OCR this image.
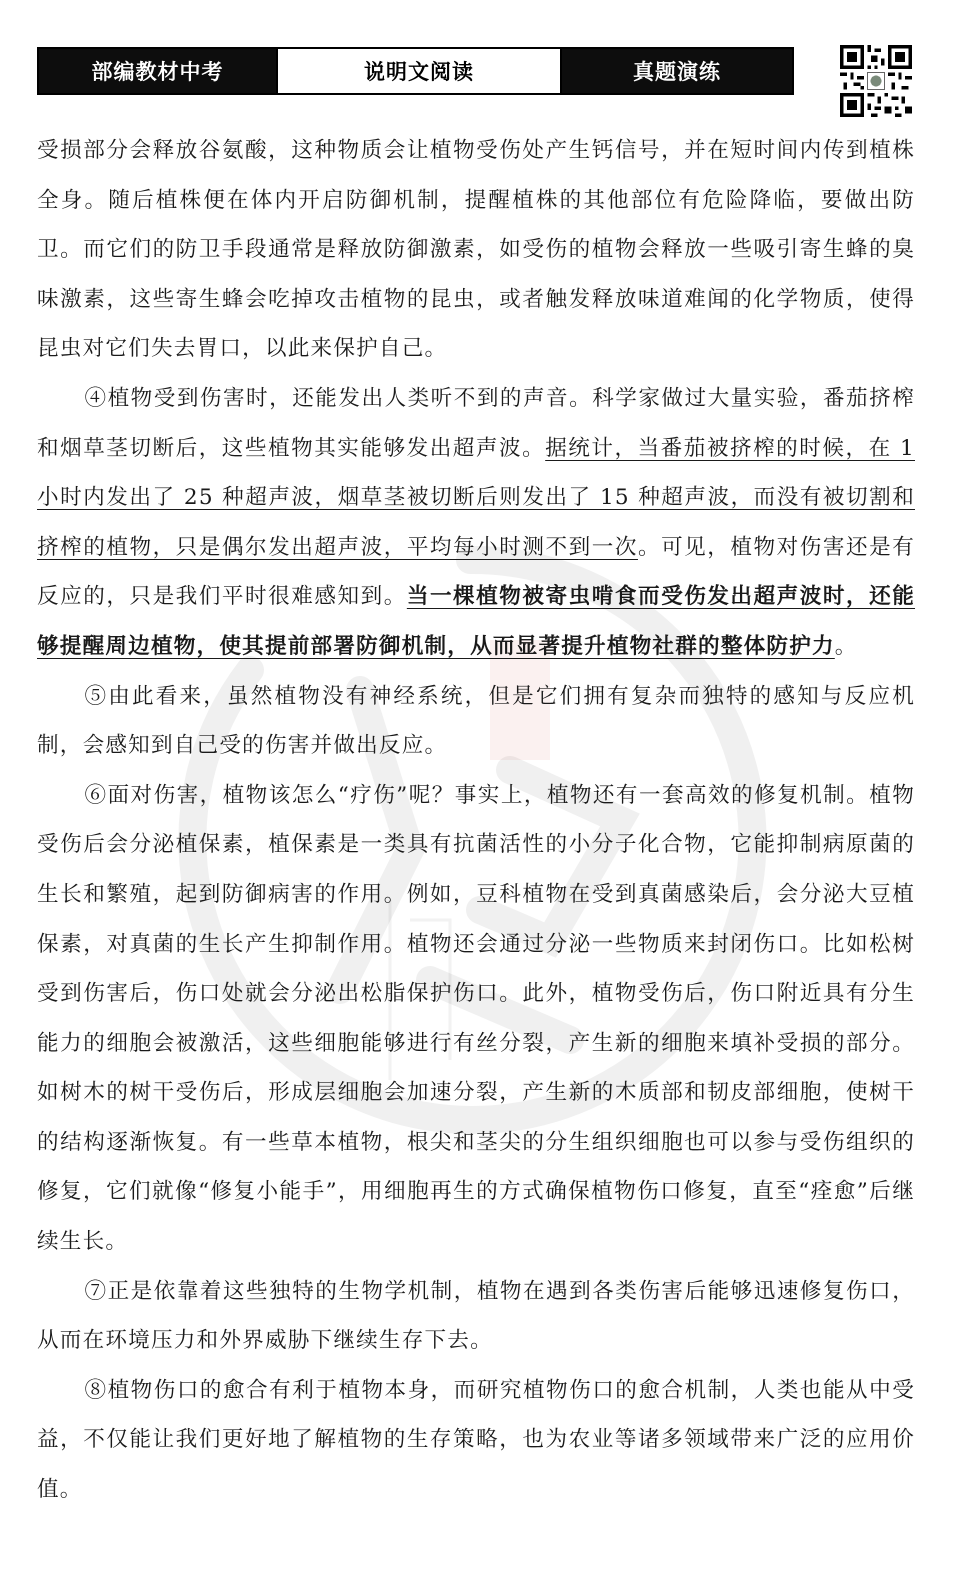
部编教材中考	说明文阅读	真题演练

受损部分会释放谷氨酸，这种物质会让植物受伤处产生钙信号，并在短时间内传到植株全身。随后植株便在体内开启防御机制，提醒植株的其他部位有危险降临，要做出防卫。而它们的防卫手段通常是释放防御激素，如受伤的植物会释放一些吸引寄生蜂的臭味激素，这些寄生蜂会吃掉攻击植物的昆虫，或者触发释放味道难闻的化学物质，使得昆虫对它们失去胃口，以此来保护自己。

④植物受到伤害时，还能发出人类听不到的声音。科学家做过大量实验，番茄挤榨和烟草茎切断后，这些植物其实能够发出超声波。据统计，当番茄被挤榨的时候，在 1 小时内发出了 25 种超声波，烟草茎被切断后则发出了 15 种超声波，而没有被切割和挤榨的植物，只是偶尔发出超声波，平均每小时测不到一次。可见，植物对伤害还是有反应的，只是我们平时很难感知到。当一棵植物被寄虫啃食而受伤发出超声波时，还能够提醒周边植物，使其提前部署防御机制，从而显著提升植物社群的整体防护力。

⑤由此看来，虽然植物没有神经系统，但是它们拥有复杂而独特的感知与反应机制，会感知到自己受的伤害并做出反应。

⑥面对伤害，植物该怎么“疗伤”呢？事实上，植物还有一套高效的修复机制。植物受伤后会分泌植保素，植保素是一类具有抗菌活性的小分子化合物，它能抑制病原菌的生长和繁殖，起到防御病害的作用。例如，豆科植物在受到真菌感染后，会分泌大豆植保素，对真菌的生长产生抑制作用。植物还会通过分泌一些物质来封闭伤口。比如松树受到伤害后，伤口处就会分泌出松脂保护伤口。此外，植物受伤后，伤口附近具有分生能力的细胞会被激活，这些细胞能够进行有丝分裂，产生新的细胞来填补受损的部分。如树木的树干受伤后，形成层细胞会加速分裂，产生新的木质部和韧皮部细胞，使树干的结构逐渐恢复。有一些草本植物，根尖和茎尖的分生组织细胞也可以参与受伤组织的修复，它们就像“修复小能手”，用细胞再生的方式确保植物伤口修复，直至“痊愈”后继续生长。

⑦正是依靠着这些独特的生物学机制，植物在遇到各类伤害后能够迅速修复伤口，从而在环境压力和外界威胁下继续生存下去。

⑧植物伤口的愈合有利于植物本身，而研究植物伤口的愈合机制，人类也能从中受益，不仅能让我们更好地了解植物的生存策略，也为农业等诸多领域带来广泛的应用价值。
